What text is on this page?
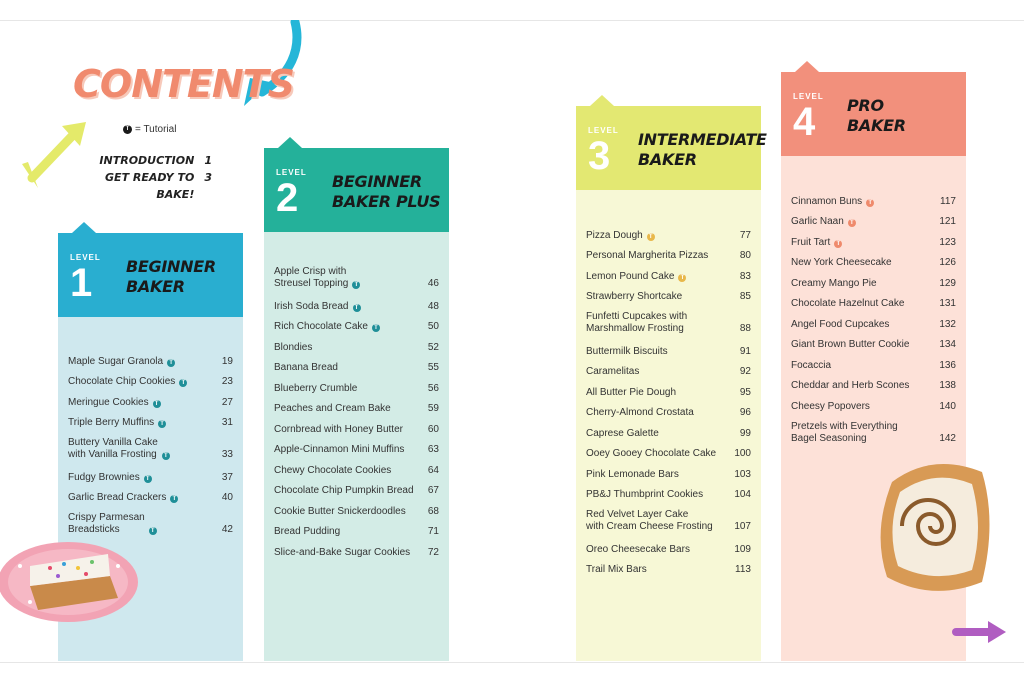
CONTENTS
T = Tutorial
INTRODUCTION 1
GET READY TO BAKE!
3
LEVEL
1 BEGINNER
BAKER
Maple Sugar Granola	T	19
Chocolate Chip Cookies	T	23
Meringue Cookies	T	27
Triple Berry Muffins	T	31
Buttery Vanilla Cake
with Vanilla Frosting	T	33
Fudgy Brownies	T	37
Garlic Bread Crackers	T	40
Crispy Parmesan
Breadsticks	T	42
LEVEL
2 BEGINNER
BAKER PLUS
Apple Crisp with
Streusel Topping	T	46
Irish Soda Bread	T	48
Rich Chocolate Cake	T	50
Blondies	52
Banana Bread	55
Blueberry Crumble	56
Peaches and Cream Bake	59
Cornbread with Honey Butter 60
Apple-Cinnamon Mini Muffins 63
Chewy Chocolate Cookies	64
Chocolate Chip Pumpkin Bread 67
Cookie Butter Snickerdoodles 68
Bread Pudding	71
Slice-and-Bake Sugar Cookies 72
LEVEL
3 INTERMEDIATE
BAKER
Pizza Dough	T	77
Personal Margherita Pizzas	80
Lemon Pound Cake	T	83
Strawberry Shortcake	85
Funfetti Cupcakes with
Marshmallow Frosting	88
Buttermilk Biscuits	91
Caramelitas	92
All Butter Pie Dough	95
Cherry-Almond Crostata	96
Caprese Galette	99
Ooey Gooey Chocolate Cake 100
Pink Lemonade Bars	103
PB&J Thumbprint Cookies	104
Red Velvet Layer Cake
with Cream Cheese Frosting 107
Oreo Cheesecake Bars	109
Trail Mix Bars	113
LEVEL
4 PRO
BAKER
Cinnamon Buns	T	117
Garlic Naan	T	121
Fruit Tart	T	123
New York Cheesecake	126
Creamy Mango Pie	129
Chocolate Hazelnut Cake	131
Angel Food Cupcakes	132
Giant Brown Butter Cookie	134
Focaccia	136
Cheddar and Herb Scones	138
Cheesy Popovers	140
Pretzels with Everything
Bagel Seasoning	142
